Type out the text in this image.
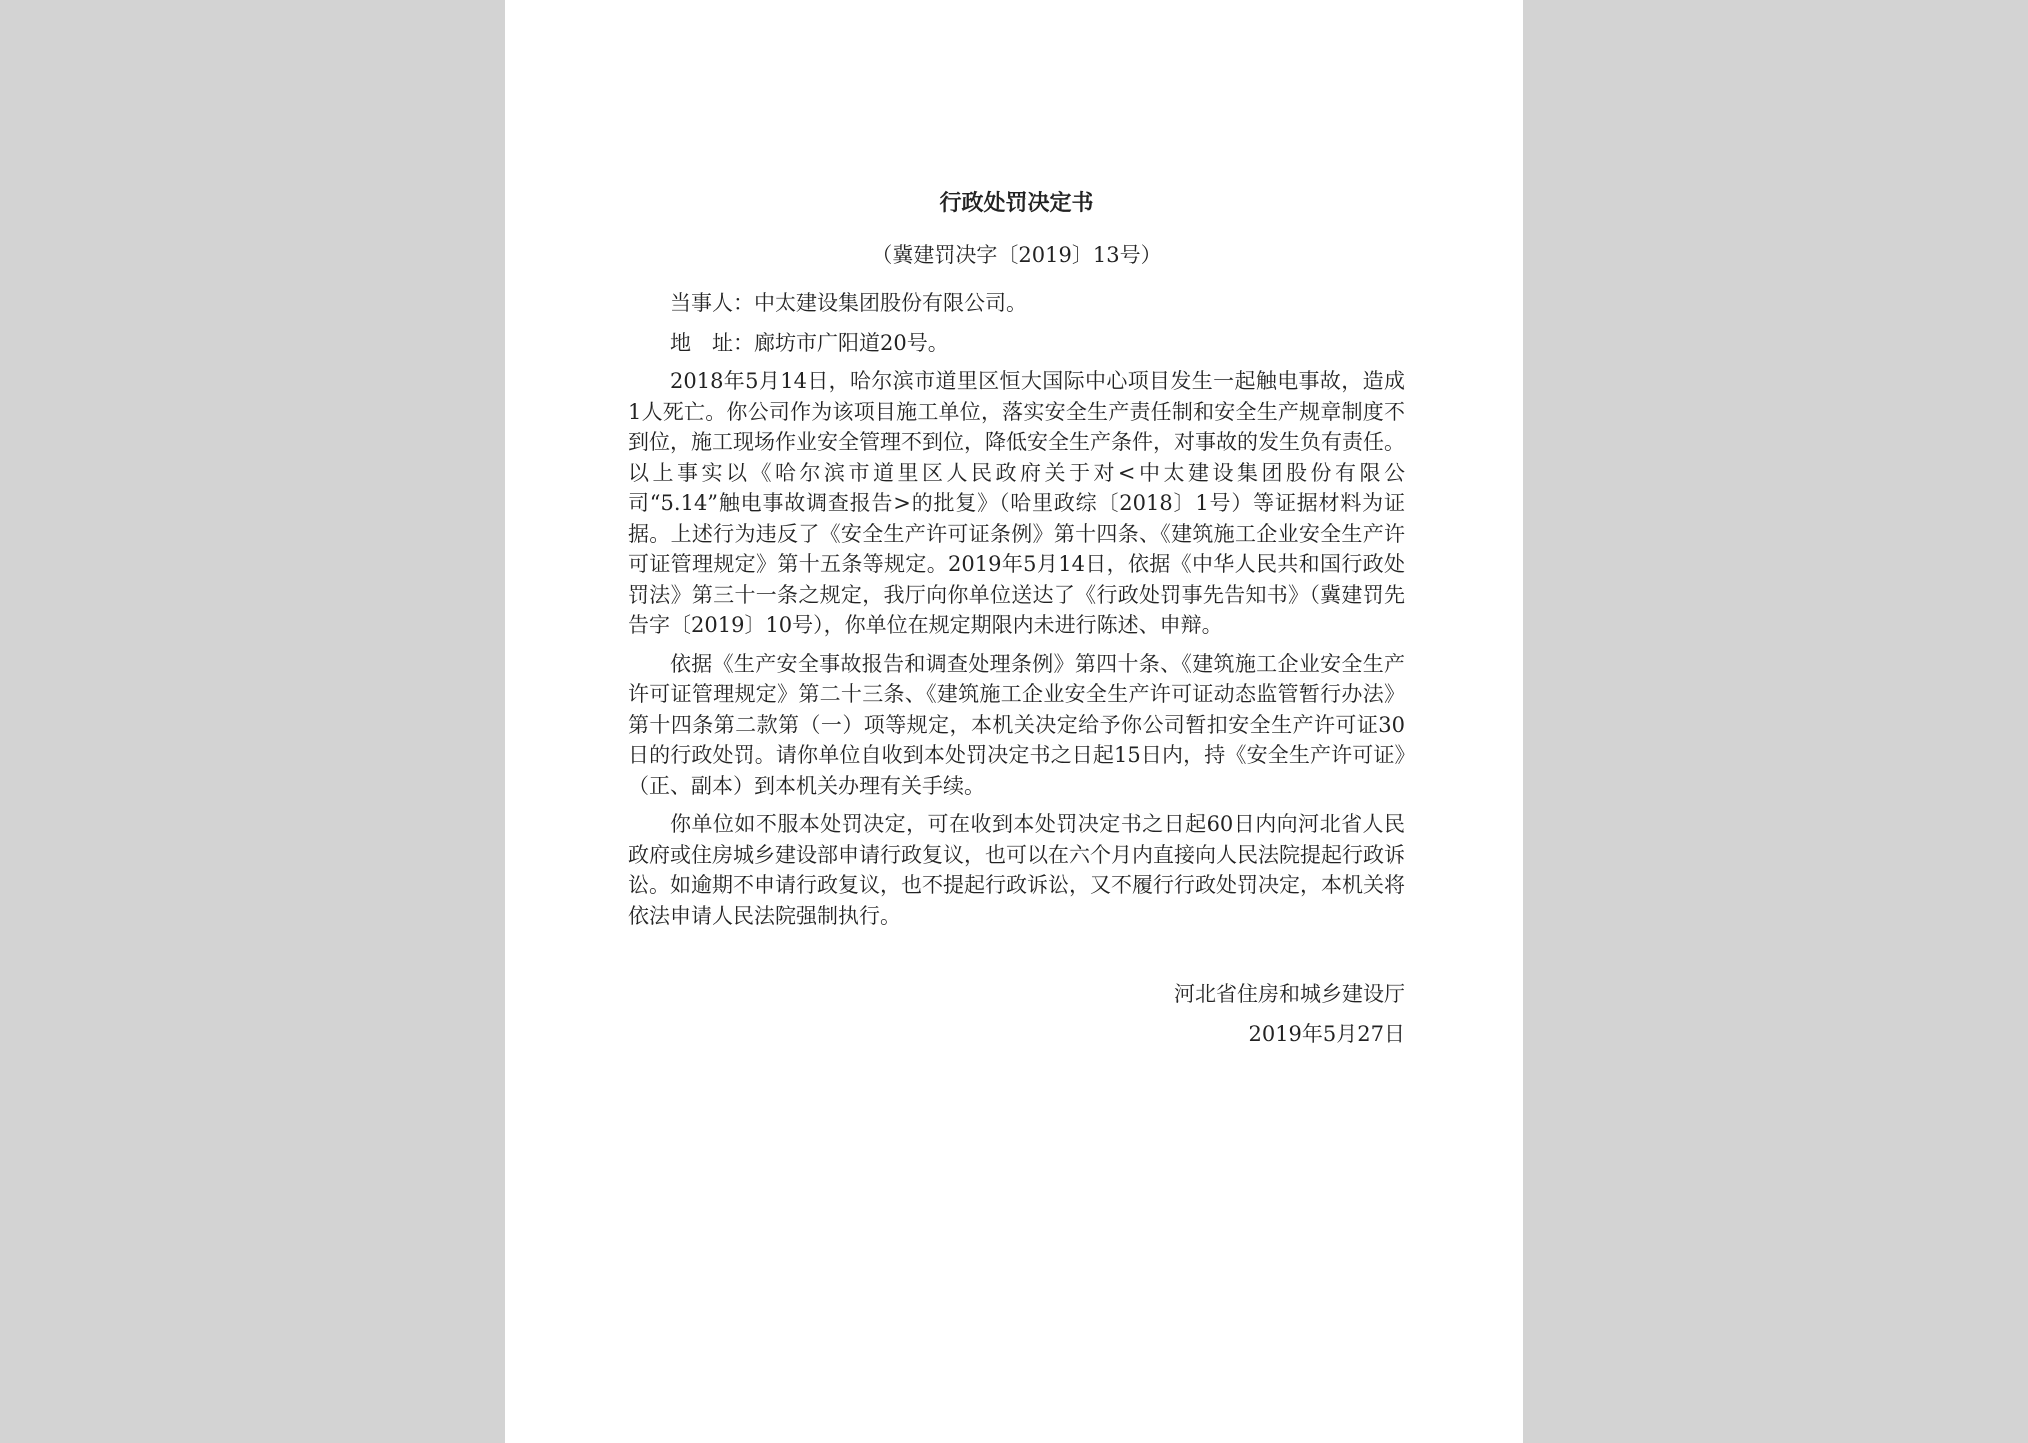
行政处罚决定书

（冀建罚决字〔2019〕13号）

当事人：中太建设集团股份有限公司。

地　址：廊坊市广阳道20号。

2018年5月14日，哈尔滨市道里区恒大国际中心项目发生一起触电事故，造成1人死亡。你公司作为该项目施工单位，落实安全生产责任制和安全生产规章制度不到位，施工现场作业安全管理不到位，降低安全生产条件，对事故的发生负有责任。以上事实以《哈尔滨市道里区人民政府关于对<中太建设集团股份有限公司“5.14”触电事故调查报告>的批复》（哈里政综〔2018〕1号）等证据材料为证据。上述行为违反了《安全生产许可证条例》第十四条、《建筑施工企业安全生产许可证管理规定》第十五条等规定。2019年5月14日，依据《中华人民共和国行政处罚法》第三十一条之规定，我厅向你单位送达了《行政处罚事先告知书》（冀建罚先告字〔2019〕10号），你单位在规定期限内未进行陈述、申辩。

依据《生产安全事故报告和调查处理条例》第四十条、《建筑施工企业安全生产许可证管理规定》第二十三条、《建筑施工企业安全生产许可证动态监管暂行办法》第十四条第二款第（一）项等规定，本机关决定给予你公司暂扣安全生产许可证30日的行政处罚。请你单位自收到本处罚决定书之日起15日内，持《安全生产许可证》（正、副本）到本机关办理有关手续。

你单位如不服本处罚决定，可在收到本处罚决定书之日起60日内向河北省人民政府或住房城乡建设部申请行政复议，也可以在六个月内直接向人民法院提起行政诉讼。如逾期不申请行政复议，也不提起行政诉讼，又不履行行政处罚决定，本机关将依法申请人民法院强制执行。

河北省住房和城乡建设厅

2019年5月27日
